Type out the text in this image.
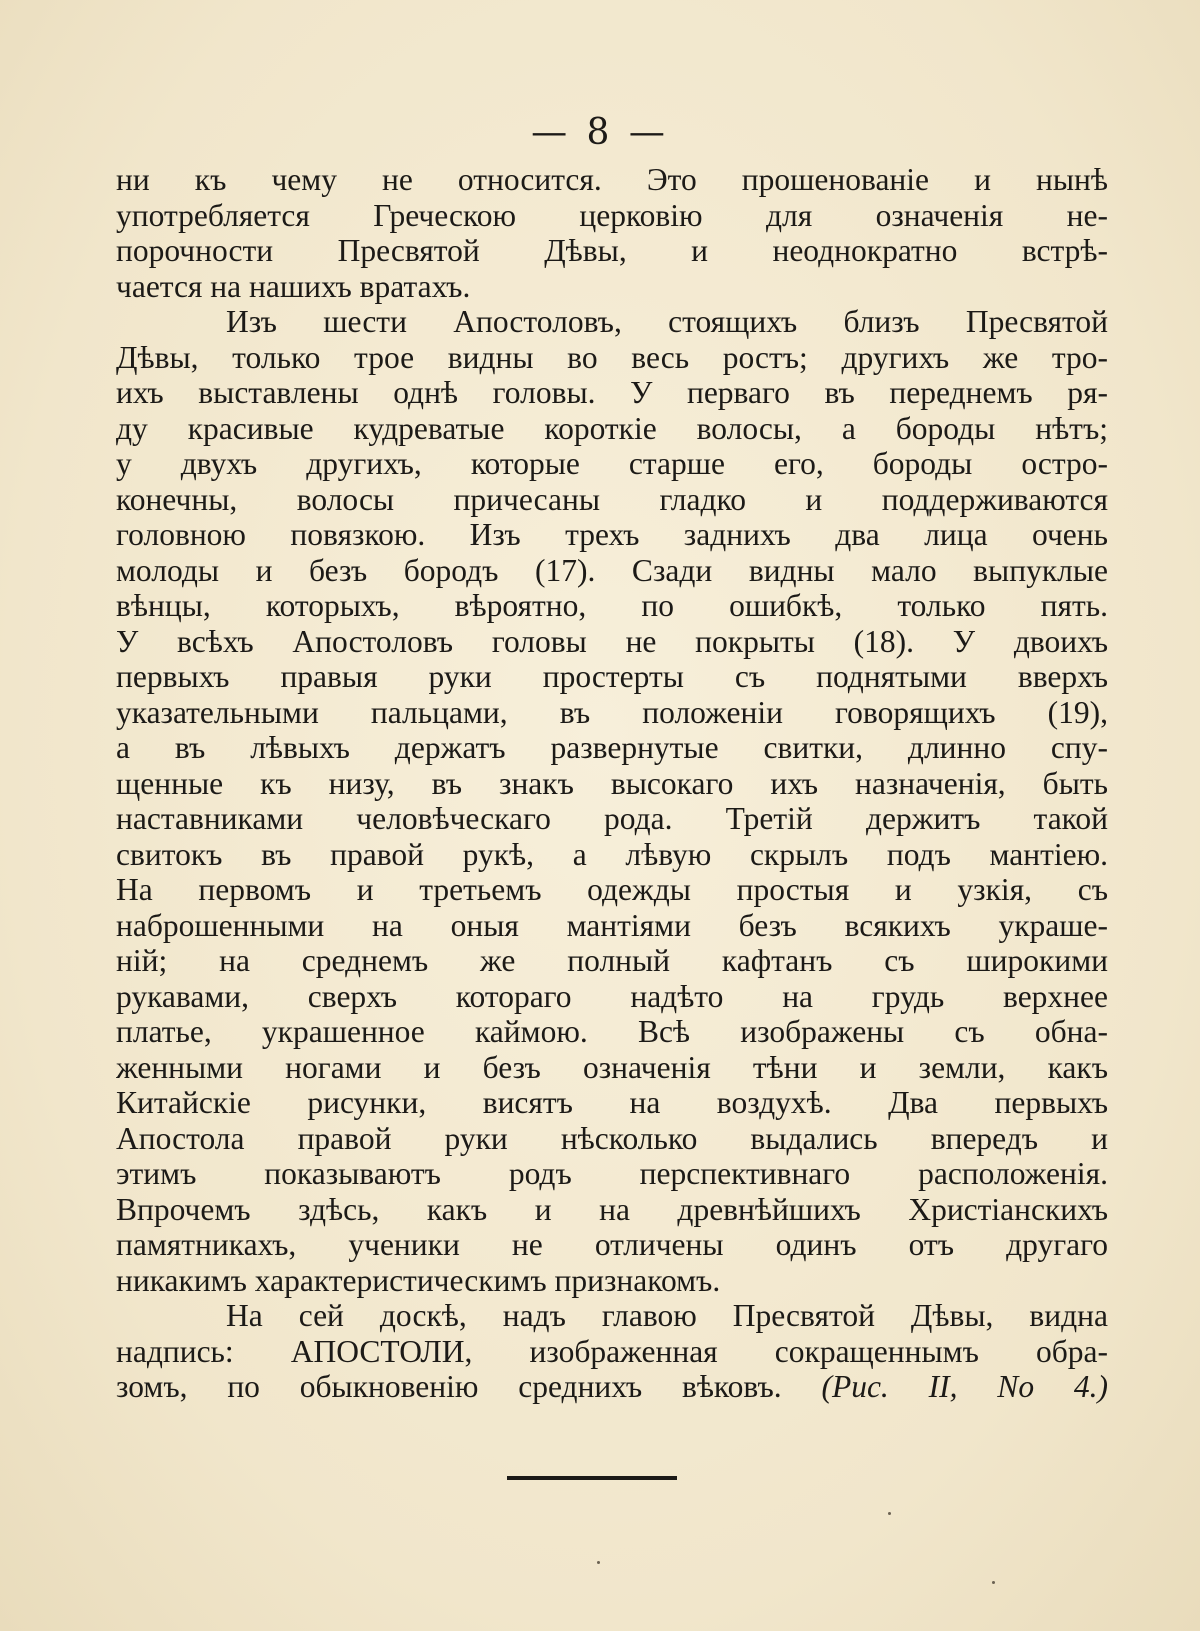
— 8 —
ни къ чему не относится. Это прошенованіе и нынѣ
употребляется Греческою церковію для означенія не-
порочности Пресвятой Дѣвы, и неоднократно встрѣ-
чается на нашихъ вратахъ.
Изъ шести Апостоловъ, стоящихъ близъ Пресвятой
Дѣвы, только трое видны во весь ростъ; другихъ же тро-
ихъ выставлены однѣ головы. У перваго въ переднемъ ря-
ду красивые кудреватые короткіе волосы, а бороды нѣтъ;
у двухъ другихъ, которые старше его, бороды остро-
конечны, волосы причесаны гладко и поддерживаются
головною повязкою. Изъ трехъ заднихъ два лица очень
молоды и безъ бородъ (17). Сзади видны мало выпуклые
вѣнцы, которыхъ, вѣроятно, по ошибкѣ, только пять.
У всѣхъ Апостоловъ головы не покрыты (18). У двоихъ
первыхъ правыя руки простерты съ поднятыми вверхъ
указательными пальцами, въ положеніи говорящихъ (19),
а въ лѣвыхъ держатъ развернутые свитки, длинно спу-
щенные къ низу, въ знакъ высокаго ихъ назначенія, быть
наставниками человѣческаго рода. Третій держитъ такой
свитокъ въ правой рукѣ, а лѣвую скрылъ подъ мантіею.
На первомъ и третьемъ одежды простыя и узкія, съ
наброшенными на оныя мантіями безъ всякихъ украше-
ній; на среднемъ же полный кафтанъ съ широкими
рукавами, сверхъ котораго надѣто на грудь верхнее
платье, украшенное каймою. Всѣ изображены съ обна-
женными ногами и безъ означенія тѣни и земли, какъ
Китайскіе рисунки, висятъ на воздухѣ. Два первыхъ
Апостола правой руки нѣсколько выдались впередъ и
этимъ показываютъ родъ перспективнаго расположенія.
Впрочемъ здѣсь, какъ и на древнѣйшихъ Христіанскихъ
памятникахъ, ученики не отличены одинъ отъ другаго
никакимъ характеристическимъ признакомъ.
На сей доскѣ, надъ главою Пресвятой Дѣвы, видна
надпись: АПОСТОЛИ, изображенная сокращеннымъ обра-
зомъ, по обыкновенію среднихъ вѣковъ. (Рис. II, No 4.)
